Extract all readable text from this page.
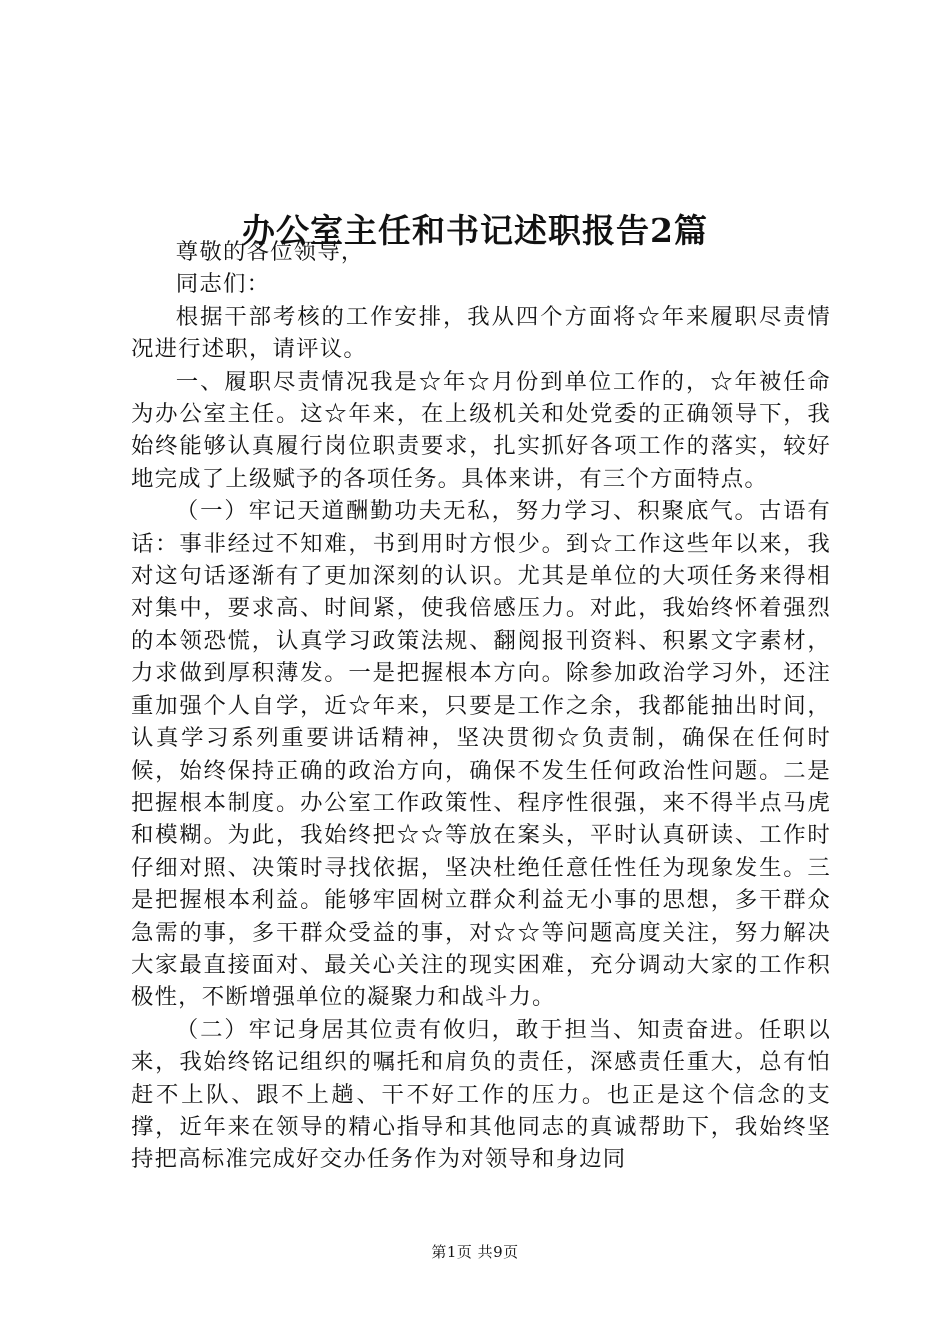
办公室主任和书记述职报告2篇

尊敬的各位领导，

同志们：

根据干部考核的工作安排，我从四个方面将☆年来履职尽责情况进行述职，请评议。

一、履职尽责情况我是☆年☆月份到单位工作的，☆年被任命为办公室主任。这☆年来，在上级机关和处党委的正确领导下，我始终能够认真履行岗位职责要求，扎实抓好各项工作的落实，较好地完成了上级赋予的各项任务。具体来讲，有三个方面特点。

（一）牢记天道酬勤功夫无私，努力学习、积聚底气。古语有话：事非经过不知难，书到用时方恨少。到☆工作这些年以来，我对这句话逐渐有了更加深刻的认识。尤其是单位的大项任务来得相对集中，要求高、时间紧，使我倍感压力。对此，我始终怀着强烈的本领恐慌，认真学习政策法规、翻阅报刊资料、积累文字素材，力求做到厚积薄发。一是把握根本方向。除参加政治学习外，还注重加强个人自学，近☆年来，只要是工作之余，我都能抽出时间，认真学习系列重要讲话精神，坚决贯彻☆负责制，确保在任何时候，始终保持正确的政治方向，确保不发生任何政治性问题。二是把握根本制度。办公室工作政策性、程序性很强，来不得半点马虎和模糊。为此，我始终把☆☆等放在案头，平时认真研读、工作时仔细对照、决策时寻找依据，坚决杜绝任意任性任为现象发生。三是把握根本利益。能够牢固树立群众利益无小事的思想，多干群众急需的事，多干群众受益的事，对☆☆等问题高度关注，努力解决大家最直接面对、最关心关注的现实困难，充分调动大家的工作积极性，不断增强单位的凝聚力和战斗力。

（二）牢记身居其位责有攸归，敢于担当、知责奋进。任职以来，我始终铭记组织的嘱托和肩负的责任，深感责任重大，总有怕赶不上队、跟不上趟、干不好工作的压力。也正是这个信念的支撑，近年来在领导的精心指导和其他同志的真诚帮助下，我始终坚持把高标准完成好交办任务作为对领导和身边同

第1页 共9页
